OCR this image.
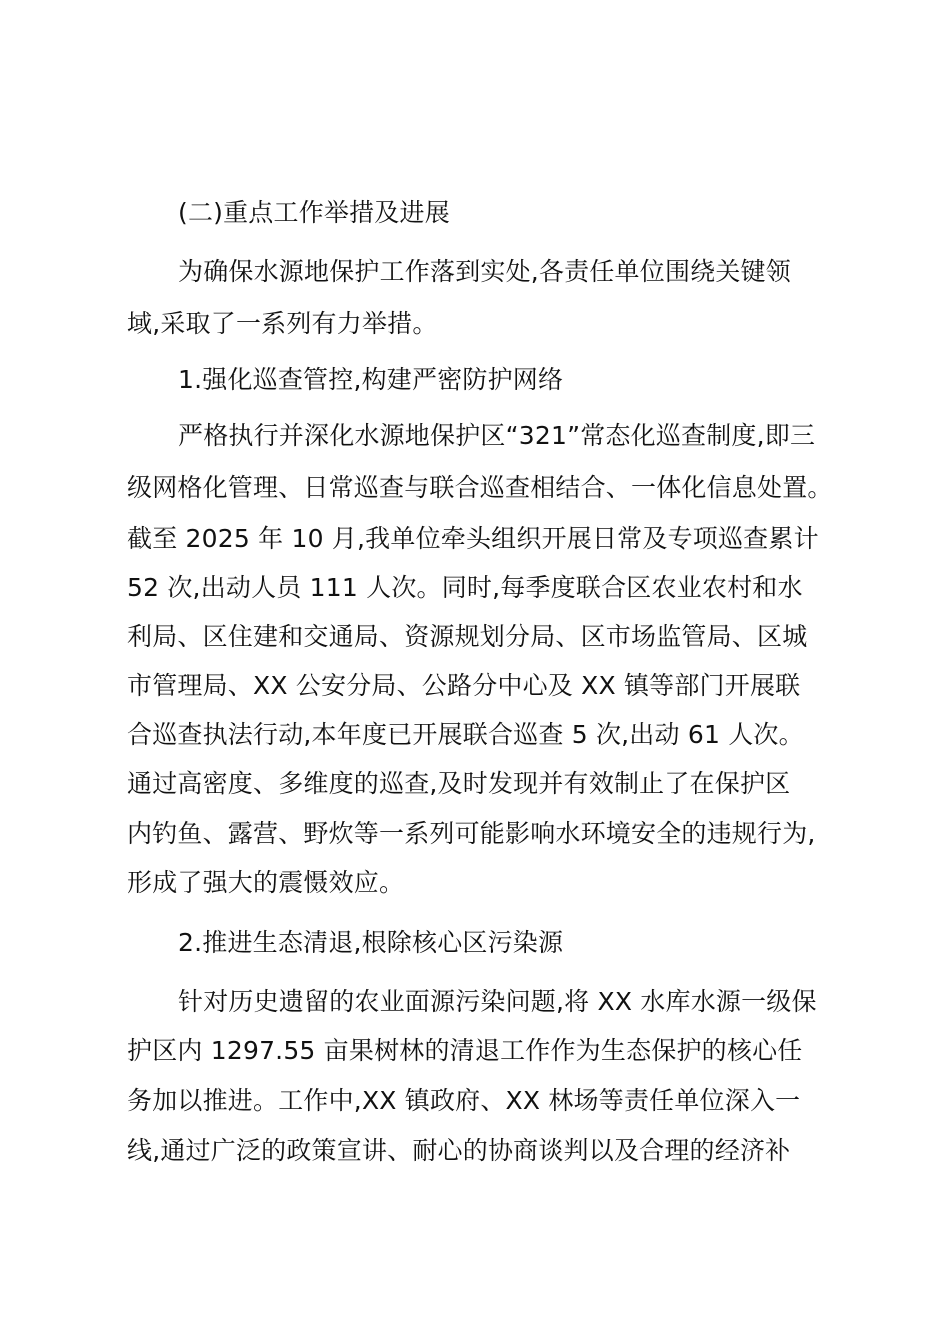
(二)重点工作举措及进展
为确保水源地保护工作落到实处,各责任单位围绕关键领
域,采取了一系列有力举措。
1.强化巡查管控,构建严密防护网络
严格执行并深化水源地保护区“321”常态化巡查制度,即三
级网格化管理、日常巡查与联合巡查相结合、一体化信息处置。
截至 2025 年 10 月,我单位牵头组织开展日常及专项巡查累计
52 次,出动人员 111 人次。同时,每季度联合区农业农村和水
利局、区住建和交通局、资源规划分局、区市场监管局、区城
市管理局、XX 公安分局、公路分中心及 XX 镇等部门开展联
合巡查执法行动,本年度已开展联合巡查 5 次,出动 61 人次。
通过高密度、多维度的巡查,及时发现并有效制止了在保护区
内钓鱼、露营、野炊等一系列可能影响水环境安全的违规行为,
形成了强大的震慑效应。
2.推进生态清退,根除核心区污染源
针对历史遗留的农业面源污染问题,将 XX 水库水源一级保
护区内 1297.55 亩果树林的清退工作作为生态保护的核心任
务加以推进。工作中,XX 镇政府、XX 林场等责任单位深入一
线,通过广泛的政策宣讲、耐心的协商谈判以及合理的经济补
